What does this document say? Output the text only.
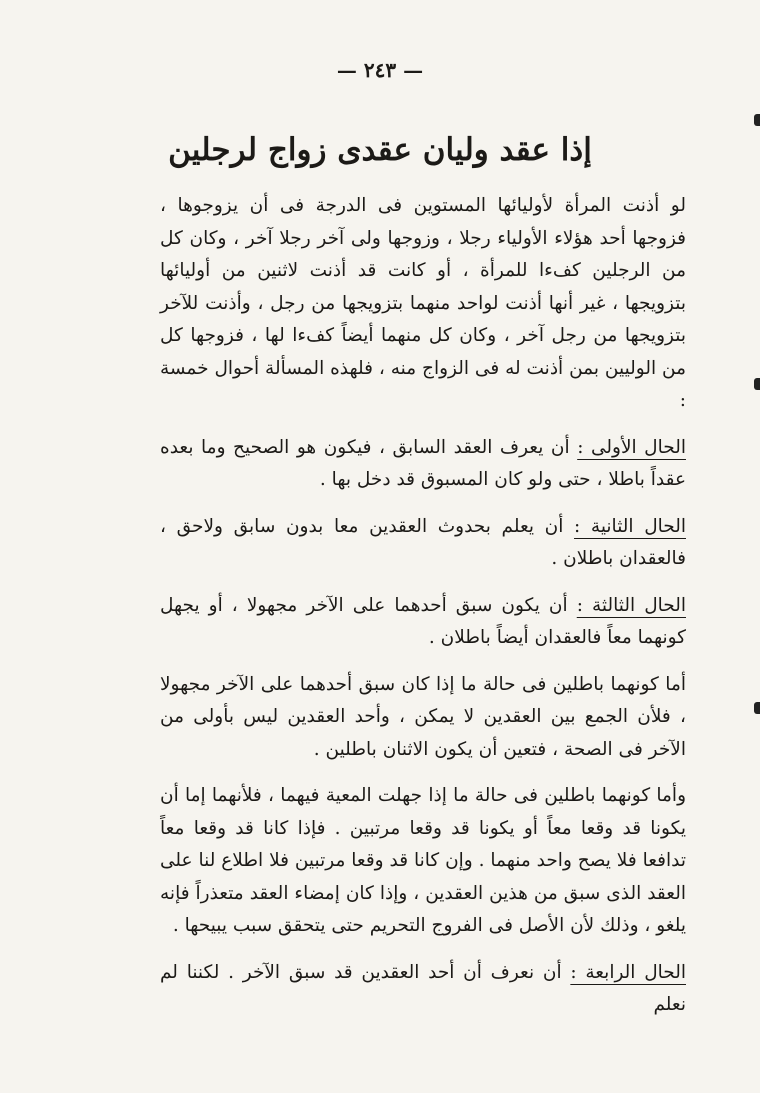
— ٢٤٣ —
إذا عقد وليان عقدى زواج لرجلين

لو أذنت المرأة لأوليائها المستوين فى الدرجة فى أن يزوجوها ، فزوجها أحد هؤلاء الأولياء رجلا ، وزوجها ولى آخر رجلا آخر ، وكان كل من الرجلين كفءا للمرأة ، أو كانت قد أذنت لاثنين من أوليائها بتزويجها ، غير أنها أذنت لواحد منهما بتزويجها من رجل ، وأذنت للآخر بتزويجها من رجل آخر ، وكان كل منهما أيضاً كفءا لها ، فزوجها كل من الوليين بمن أذنت له فى الزواج منه ، فلهذه المسألة أحوال خمسة :

الحال الأولى : أن يعرف العقد السابق ، فيكون هو الصحيح وما بعده عقداً باطلا ، حتى ولو كان المسبوق قد دخل بها .

الحال الثانية : أن يعلم بحدوث العقدين معا بدون سابق ولاحق ، فالعقدان باطلان .

الحال الثالثة : أن يكون سبق أحدهما على الآخر مجهولا ، أو يجهل كونهما معاً فالعقدان أيضاً باطلان .

أما كونهما باطلين فى حالة ما إذا كان سبق أحدهما على الآخر مجهولا ، فلأن الجمع بين العقدين لا يمكن ، وأحد العقدين ليس بأولى من الآخر فى الصحة ، فتعين أن يكون الاثنان باطلين .

وأما كونهما باطلين فى حالة ما إذا جهلت المعية فيهما ، فلأنهما إما أن يكونا قد وقعا معاً أو يكونا قد وقعا مرتبين . فإذا كانا قد وقعا معاً تدافعا فلا يصح واحد منهما . وإن كانا قد وقعا مرتبين فلا اطلاع لنا على العقد الذى سبق من هذين العقدين ، وإذا كان إمضاء العقد متعذراً فإنه يلغو ، وذلك لأن الأصل فى الفروج التحريم حتى يتحقق سبب يبيحها .

الحال الرابعة : أن نعرف أن أحد العقدين قد سبق الآخر . لكننا لم نعلم
